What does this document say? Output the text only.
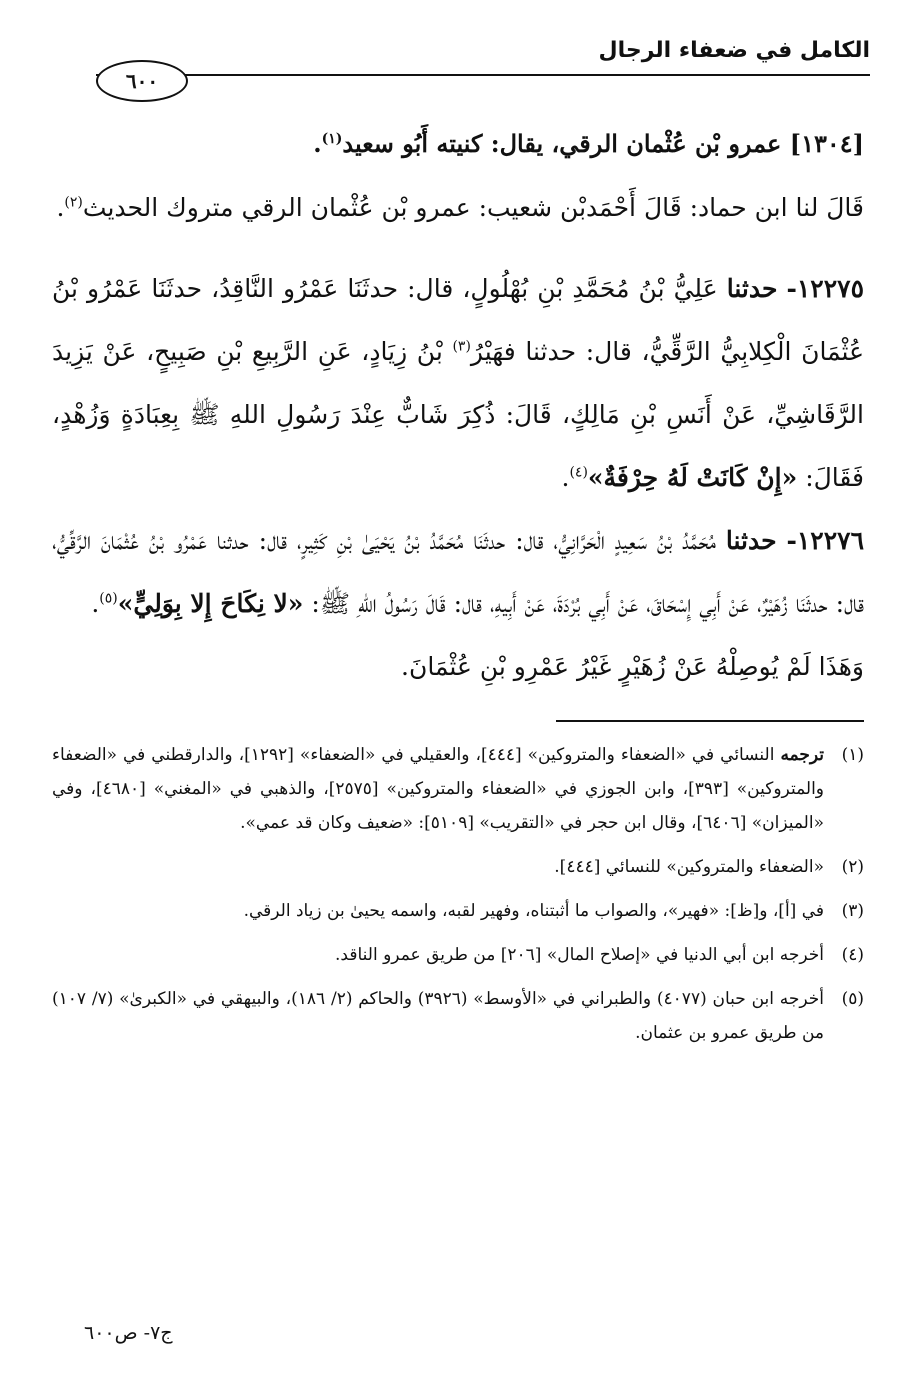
الكامل في ضعفاء الرجال
٦٠٠

[١٣٠٤] عمرو بْن عُثْمان الرقي، يقال: كنيته أَبُو سعيد$^{(١)}$.

قَالَ لنا ابن حماد: قَالَ أَحْمَدبْن شعيب: عمرو بْن عُثْمان الرقي متروك الحديث$^{(٢)}$.

١٢٢٧٥- حدثنا عَلِيُّ بْنُ مُحَمَّدِ بْنِ بُهْلُولٍ، قال: حدثَنَا عَمْرُو النَّاقِدُ، حدثَنَا عَمْرُو بْنُ عُثْمَانَ الْكِلابِيُّ الرَّقِّيُّ، قال: حدثنا فهَيْرُ$^{(٣)}$ بْنُ زِيَادٍ، عَنِ الرَّبِيعِ بْنِ صَبِيحٍ، عَنْ يَزِيدَ الرَّقَاشِيِّ، عَنْ أَنَسِ بْنِ مَالِكٍ، قَالَ: ذُكِرَ شَابٌّ عِنْدَ رَسُولِ اللهِ ﷺ بِعِبَادَةٍ وَزُهْدٍ، فَقَالَ: «إِنْ كَانَتْ لَهُ حِرْفَةٌ»$^{(٤)}$.

١٢٢٧٦- حدثنا مُحَمَّدُ بْنُ سَعِيدٍ الْحَرَّانِيُّ، قال: حدثَنَا مُحَمَّدُ بْنُ يَحْيَىٰ بْنِ كَثِيرٍ، قال: حدثنا عَمْرُو بْنُ عُثْمَانَ الرَّقِّيُّ، قال: حدثَنَا زُهَيْرٌ، عَنْ أَبِي إِسْحَاقَ، عَنْ أَبِي بُرْدَةَ، عَنْ أَبِيهِ، قال: قَالَ رَسُولُ اللهِ ﷺ: «لا نِكَاحَ إِلا بِوَلِيٍّ»$^{(٥)}$.

وَهَذَا لَمْ يُوصِلْهُ عَنْ زُهَيْرٍ غَيْرُ عَمْرِو بْنِ عُثْمَانَ.

(١)
ترجمه النسائي في «الضعفاء والمتروكين» [٤٤٤]، والعقيلي في «الضعفاء» [١٢٩٢]، والدارقطني في «الضعفاء والمتروكين» [٣٩٣]، وابن الجوزي في «الضعفاء والمتروكين» [٢٥٧٥]، والذهبي في «المغني» [٤٦٨٠]، وفي «الميزان» [٦٤٠٦]، وقال ابن حجر في «التقريب» [٥١٠٩]: «ضعيف وكان قد عمي».

(٢)
«الضعفاء والمتروكين» للنسائي [٤٤٤].

(٣)
في [أ]، و[ظ]: «فهير»، والصواب ما أثبتناه، وفهير لقبه، واسمه يحيىٰ بن زياد الرقي.

(٤)
أخرجه ابن أبي الدنيا في «إصلاح المال» [٢٠٦] من طريق عمرو الناقد.

(٥)
أخرجه ابن حبان (٤٠٧٧) والطبراني في «الأوسط» (٣٩٢٦) والحاكم (٢/ ١٨٦)، والبيهقي في «الكبرىٰ» (٧/ ١٠٧) من طريق عمرو بن عثمان.

ج٧- ص٦٠٠
